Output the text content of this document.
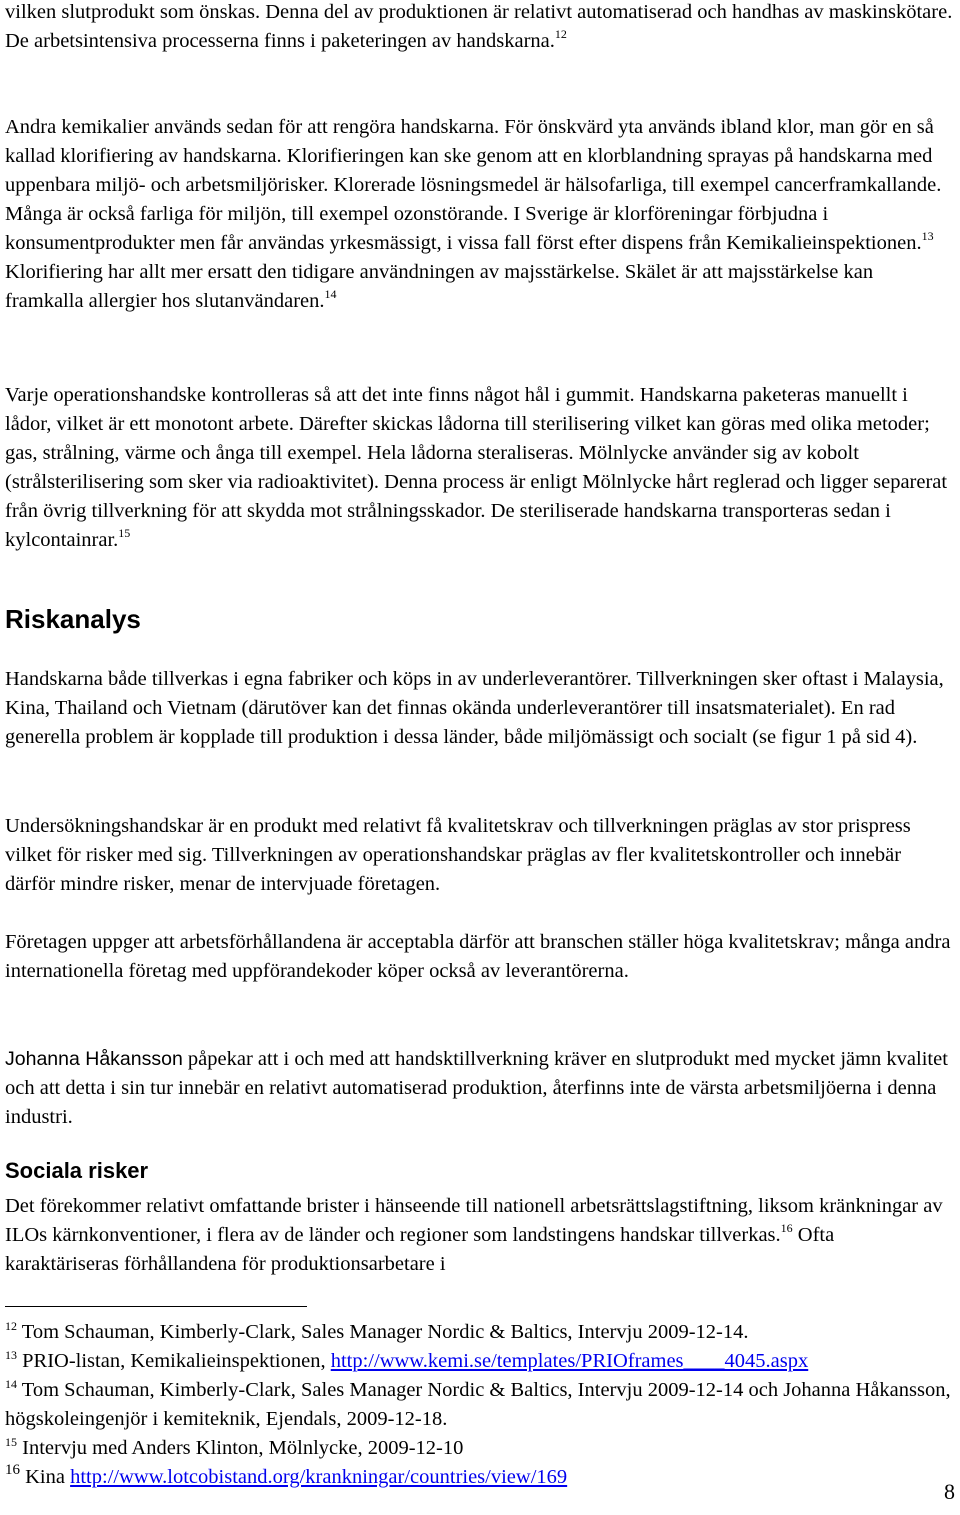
vilken slutprodukt som önskas. Denna del av produktionen är relativt automatiserad och handhas av maskinskötare. De arbetsintensiva processerna finns i paketeringen av handskarna.$^{12}$

Andra kemikalier används sedan för att rengöra handskarna. För önskvärd yta används ibland klor, man gör en så kallad klorifiering av handskarna. Klorifieringen kan ske genom att en klorblandning sprayas på handskarna med uppenbara miljö- och arbetsmiljörisker. Klorerade lösningsmedel är hälsofarliga, till exempel cancerframkallande. Många är också farliga för miljön, till exempel ozonstörande. I Sverige är klorföreningar förbjudna i konsumentprodukter men får användas yrkesmässigt, i vissa fall först efter dispens från Kemikalieinspektionen.$^{13}$ Klorifiering har allt mer ersatt den tidigare användningen av majsstärkelse. Skälet är att majsstärkelse kan framkalla allergier hos slutanvändaren.$^{14}$

Varje operationshandske kontrolleras så att det inte finns något hål i gummit. Handskarna paketeras manuellt i lådor, vilket är ett monotont arbete. Därefter skickas lådorna till sterilisering vilket kan göras med olika metoder; gas, strålning, värme och ånga till exempel. Hela lådorna steraliseras. Mölnlycke använder sig av kobolt (strålsterilisering som sker via radioaktivitet). Denna process är enligt Mölnlycke hårt reglerad och ligger separerat från övrig tillverkning för att skydda mot strålningsskador. De steriliserade handskarna transporteras sedan i kylcontainrar.$^{15}$

Riskanalys

Handskarna både tillverkas i egna fabriker och köps in av underleverantörer. Tillverkningen sker oftast i Malaysia, Kina, Thailand och Vietnam (därutöver kan det finnas okända underleverantörer till insatsmaterialet). En rad generella problem är kopplade till produktion i dessa länder, både miljömässigt och socialt (se figur 1 på sid 4).

Undersökningshandskar är en produkt med relativt få kvalitetskrav och tillverkningen präglas av stor prispress vilket för risker med sig. Tillverkningen av operationshandskar präglas av fler kvalitetskontroller och innebär därför mindre risker, menar de intervjuade företagen.

Företagen uppger att arbetsförhållandena är acceptabla därför att branschen ställer höga kvalitetskrav; många andra internationella företag med uppförandekoder köper också av leverantörerna.

Johanna Håkansson påpekar att i och med att handsktillverkning kräver en slutprodukt med mycket jämn kvalitet och att detta i sin tur innebär en relativt automatiserad produktion, återfinns inte de värsta arbetsmiljöerna i denna industri.

Sociala risker

Det förekommer relativt omfattande brister i hänseende till nationell arbetsrättslagstiftning, liksom kränkningar av ILOs kärnkonventioner, i flera av de länder och regioner som landstingens handskar tillverkas.$^{16}$ Ofta karaktäriseras förhållandena för produktionsarbetare i

$^{12}$ Tom Schauman, Kimberly-Clark, Sales Manager Nordic & Baltics, Intervju 2009-12-14.

$^{13}$ PRIO-listan, Kemikalieinspektionen, http://www.kemi.se/templates/PRIOframes____4045.aspx

$^{14}$ Tom Schauman, Kimberly-Clark, Sales Manager Nordic & Baltics, Intervju 2009-12-14 och Johanna Håkansson, högskoleingenjör i kemiteknik, Ejendals, 2009-12-18.

$^{15}$ Intervju med Anders Klinton, Mölnlycke, 2009-12-10

$^{16}$ Kina http://www.lotcobistand.org/krankningar/countries/view/169

8
